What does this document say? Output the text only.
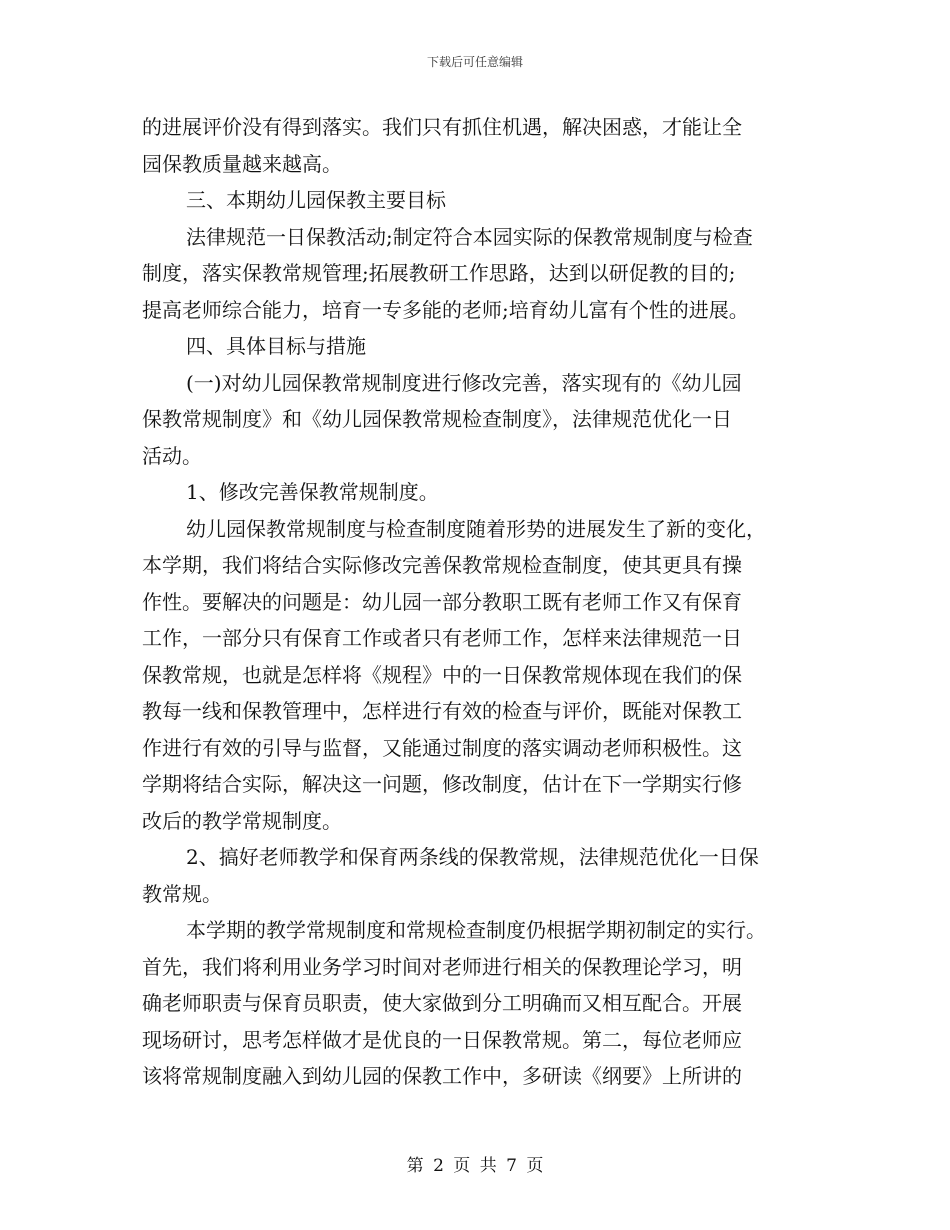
下载后可任意编辑
的进展评价没有得到落实。我们只有抓住机遇，解决困惑，才能让全
园保教质量越来越高。
三、本期幼儿园保教主要目标
法律规范一日保教活动;制定符合本园实际的保教常规制度与检查
制度，落实保教常规管理;拓展教研工作思路，达到以研促教的目的;
提高老师综合能力，培育一专多能的老师;培育幼儿富有个性的进展。
四、具体目标与措施
(一)对幼儿园保教常规制度进行修改完善，落实现有的《幼儿园
保教常规制度》和《幼儿园保教常规检查制度》，法律规范优化一日
活动。
1、修改完善保教常规制度。
幼儿园保教常规制度与检查制度随着形势的进展发生了新的变化，
本学期，我们将结合实际修改完善保教常规检查制度，使其更具有操
作性。要解决的问题是：幼儿园一部分教职工既有老师工作又有保育
工作，一部分只有保育工作或者只有老师工作，怎样来法律规范一日
保教常规，也就是怎样将《规程》中的一日保教常规体现在我们的保
教每一线和保教管理中，怎样进行有效的检查与评价，既能对保教工
作进行有效的引导与监督，又能通过制度的落实调动老师积极性。这
学期将结合实际，解决这一问题，修改制度，估计在下一学期实行修
改后的教学常规制度。
2、搞好老师教学和保育两条线的保教常规，法律规范优化一日保
教常规。
本学期的教学常规制度和常规检查制度仍根据学期初制定的实行。
首先，我们将利用业务学习时间对老师进行相关的保教理论学习，明
确老师职责与保育员职责，使大家做到分工明确而又相互配合。开展
现场研讨，思考怎样做才是优良的一日保教常规。第二，每位老师应
该将常规制度融入到幼儿园的保教工作中，多研读《纲要》上所讲的
第 2 页 共 7 页
